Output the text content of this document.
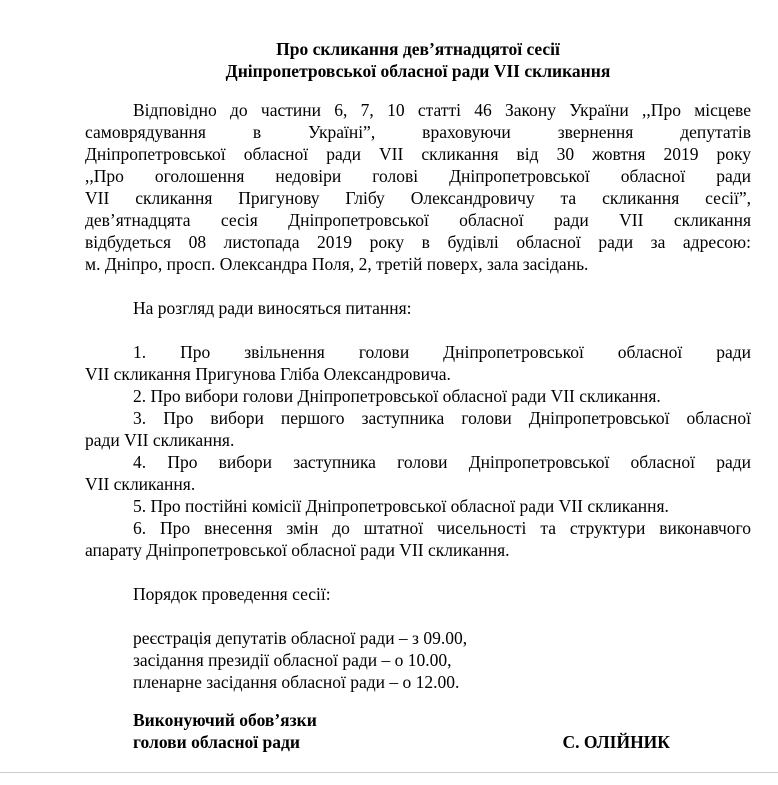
Про скликання дев’ятнадцятої сесії
Дніпропетровської обласної ради VII скликання
Відповідно до частини 6, 7, 10 статті 46 Закону України ,,Про місцеве
самоврядування в Україні”, враховуючи звернення депутатів
Дніпропетровської обласної ради VII скликання від 30 жовтня 2019 року
,,Про оголошення недовіри голові Дніпропетровської обласної ради
VII скликання Пригунову Глібу Олександровичу та скликання сесії”,
дев’ятнадцята сесія Дніпропетровської обласної ради VII скликання
відбудеться 08 листопада 2019 року в будівлі обласної ради за адресою:
м. Дніпро, просп. Олександра Поля, 2, третій поверх, зала засідань.
На розгляд ради виносяться питання:
1. Про звільнення голови Дніпропетровської обласної ради
VII скликання Пригунова Гліба Олександровича.
2. Про вибори голови Дніпропетровської обласної ради VII скликання.
3. Про вибори першого заступника голови Дніпропетровської обласної
ради VII скликання.
4. Про вибори заступника голови Дніпропетровської обласної ради
VII скликання.
5. Про постійні комісії Дніпропетровської обласної ради VII скликання.
6. Про внесення змін до штатної чисельності та структури виконавчого
апарату Дніпропетровської обласної ради VII скликання.
Порядок проведення сесії:
реєстрація депутатів обласної ради – з 09.00,
засідання президії обласної ради – о 10.00,
пленарне засідання обласної ради – о 12.00.
Виконуючий обов’язки
голови обласної ради	С. ОЛІЙНИК
